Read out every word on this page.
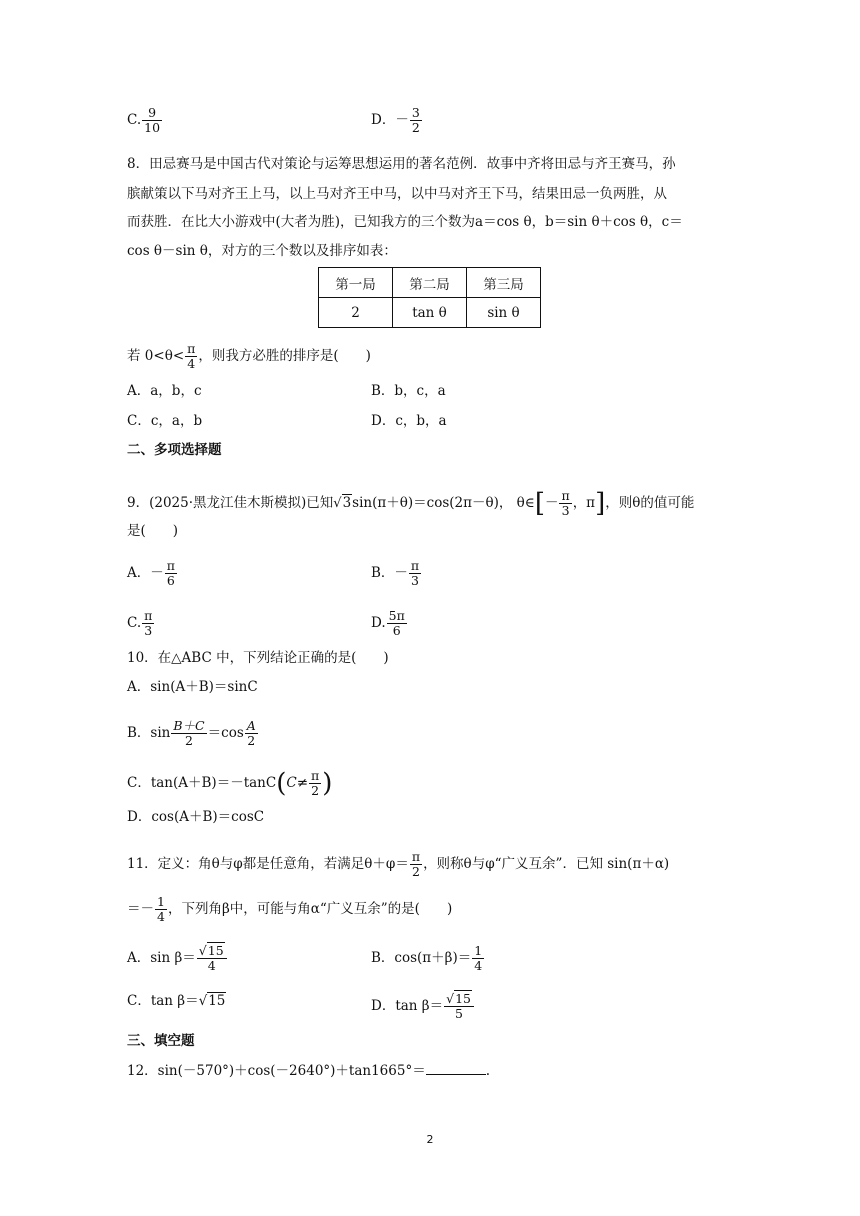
C. $\frac{9}{10}$	D．－ $\frac{3}{2}$
8．田忌赛马是中国古代对策论与运筹思想运用的著名范例．故事中齐将田忌与齐王赛马，孙
膑献策以下马对齐王上马，以上马对齐王中马，以中马对齐王下马，结果田忌一负两胜，从
而获胜．在比大小游戏中(大者为胜)，已知我方的三个数为a＝cos θ，b＝sin θ＋cos θ，c＝
cos θ－sin θ，对方的三个数以及排序如表：
第一局	第二局	第三局
2	tan θ	sin θ
若 $0<\theta< \frac{\pi}{4}$ ，则我方必胜的排序是(　　)
A．a，b，c	B．b，c，a
C．c，a，b	D．c，b，a
二、多项选择题
9．(2025·黑龙江佳木斯模拟)已知√3sin(π＋θ)＝cos(2π－θ)， θ∈[－ $\frac{\pi}{3}$ ，π]，则θ的值可能
是(　　)
A．－ $\frac{\pi}{6}$	B．－ $\frac{\pi}{3}$
C. $\frac{\pi}{3}$	D. $\frac{5\pi}{6}$
10．在△ABC 中，下列结论正确的是(　　)
A．sin(A＋B)＝sinC
B．$\sin \frac{B+C}{2} =\cos \frac{A}{2}$
C．$\tan(A+B)=-\tan C(C\ne \frac{\pi}{2}$ )
D．cos(A＋B)＝cosC
11．定义：角θ与φ都是任意角，若满足$\theta+\varphi= \frac{\pi}{2}$ ，则称θ与φ“广义互余”．已知 sin(π＋α)
＝－ $\frac{1}{4}$ ，下列角β中，可能与角α“广义互余”的是(　　)
A．$\sin \beta= \frac{√15}{4}$	B．$\cos(\pi+\beta)= \frac{1}{4}$
C．tan β＝√15	D．$\tan \beta= \frac{√15}{5}$
三、填空题
12．sin(－570°)＋cos(－2640°)＋tan1665°＝	.
2
